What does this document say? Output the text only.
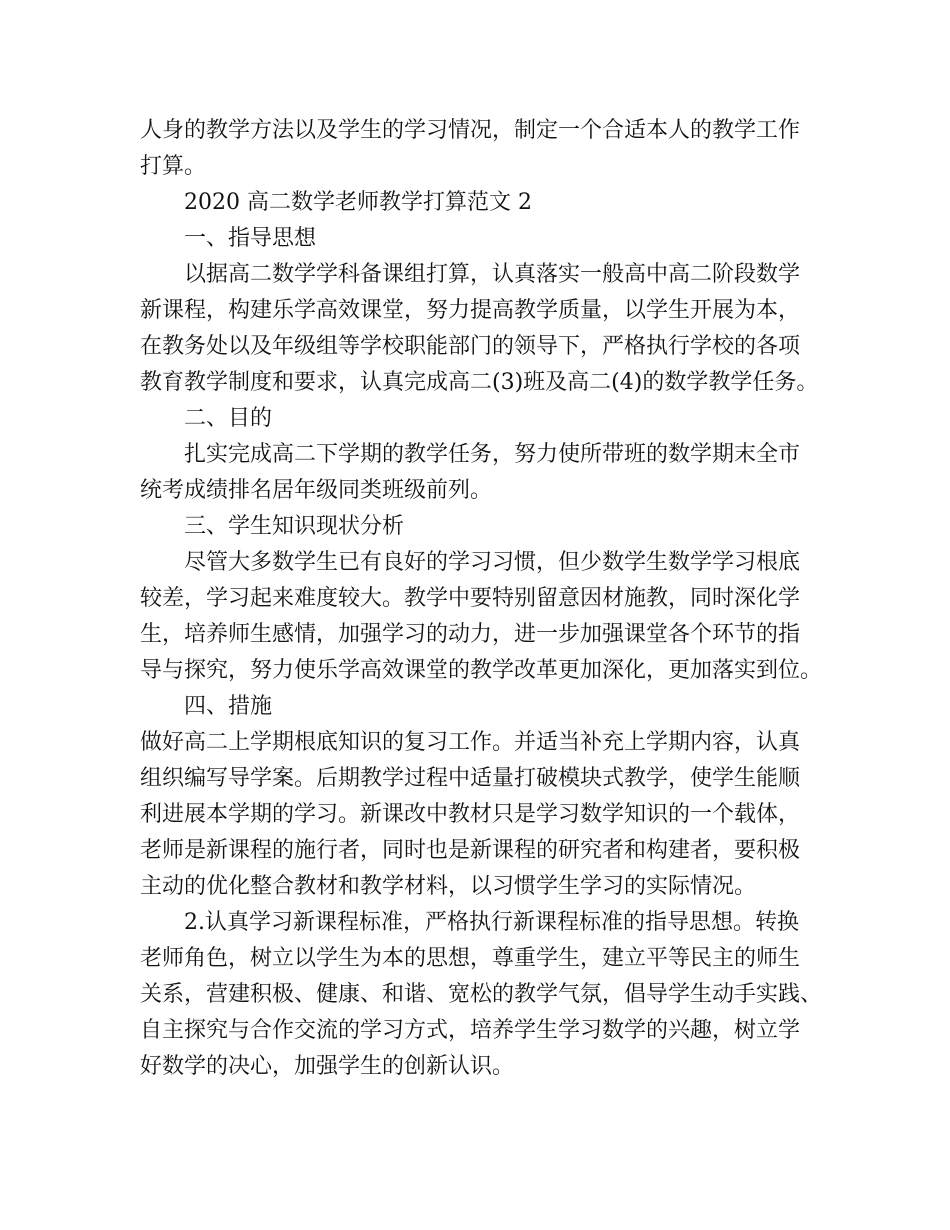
人身的教学方法以及学生的学习情况，制定一个合适本人的教学工作
打算。
2020 高二数学老师教学打算范文 2
一、指导思想
以据高二数学学科备课组打算，认真落实一般高中高二阶段数学
新课程，构建乐学高效课堂，努力提高教学质量，以学生开展为本，
在教务处以及年级组等学校职能部门的领导下，严格执行学校的各项
教育教学制度和要求，认真完成高二(3)班及高二(4)的数学教学任务。
二、目的
扎实完成高二下学期的教学任务，努力使所带班的数学期末全市
统考成绩排名居年级同类班级前列。
三、学生知识现状分析
尽管大多数学生已有良好的学习习惯，但少数学生数学学习根底
较差，学习起来难度较大。教学中要特别留意因材施教，同时深化学
生，培养师生感情，加强学习的动力，进一步加强课堂各个环节的指
导与探究，努力使乐学高效课堂的教学改革更加深化，更加落实到位。
四、措施
做好高二上学期根底知识的复习工作。并适当补充上学期内容，认真
组织编写导学案。后期教学过程中适量打破模块式教学，使学生能顺
利进展本学期的学习。新课改中教材只是学习数学知识的一个载体，
老师是新课程的施行者，同时也是新课程的研究者和构建者，要积极
主动的优化整合教材和教学材料，以习惯学生学习的实际情况。
2.认真学习新课程标准，严格执行新课程标准的指导思想。转换
老师角色，树立以学生为本的思想，尊重学生，建立平等民主的师生
关系，营建积极、健康、和谐、宽松的教学气氛，倡导学生动手实践、
自主探究与合作交流的学习方式，培养学生学习数学的兴趣，树立学
好数学的决心，加强学生的创新认识。
